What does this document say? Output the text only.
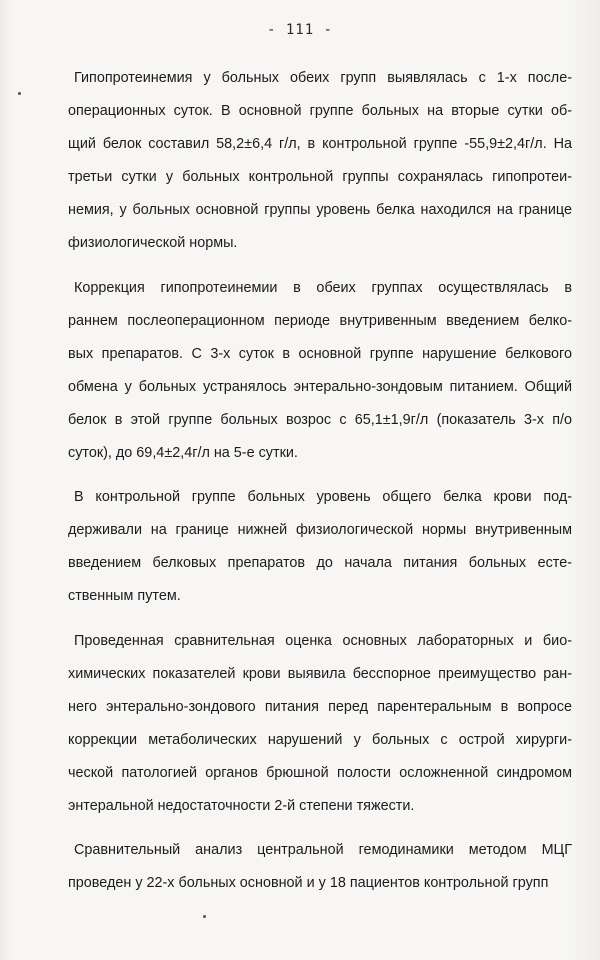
- 111 -

Гипопротеинемия у больных обеих групп выявлялась с 1-х после-
операционных суток. В основной группе больных на вторые сутки об-
щий белок составил 58,2±6,4 г/л, в контрольной группе -55,9±2,4г/л. На
третьи сутки у больных контрольной группы сохранялась гипопротеи-
немия, у больных основной группы уровень белка находился на границе
физиологической нормы.

Коррекция гипопротеинемии в обеих группах осуществлялась в
раннем послеоперационном периоде внутривенным введением белко-
вых препаратов. С 3-х суток в основной группе нарушение белкового
обмена у больных устранялось энтерально-зондовым питанием. Общий
белок в этой группе больных возрос с 65,1±1,9г/л (показатель 3-х п/о
суток), до 69,4±2,4г/л на 5-е сутки.

В контрольной группе больных уровень общего белка крови под-
держивали на границе нижней физиологической нормы внутривенным
введением белковых препаратов до начала питания больных есте-
ственным путем.

Проведенная сравнительная оценка основных лабораторных и био-
химических показателей крови выявила бесспорное преимущество ран-
него энтерально-зондового питания перед парентеральным в вопросе
коррекции метаболических нарушений у больных с острой хирурги-
ческой патологией органов брюшной полости осложненной синдромом
энтеральной недостаточности 2-й степени тяжести.

Сравнительный анализ центральной гемодинамики методом МЦГ
проведен у 22-х больных основной и у 18 пациентов контрольной групп
